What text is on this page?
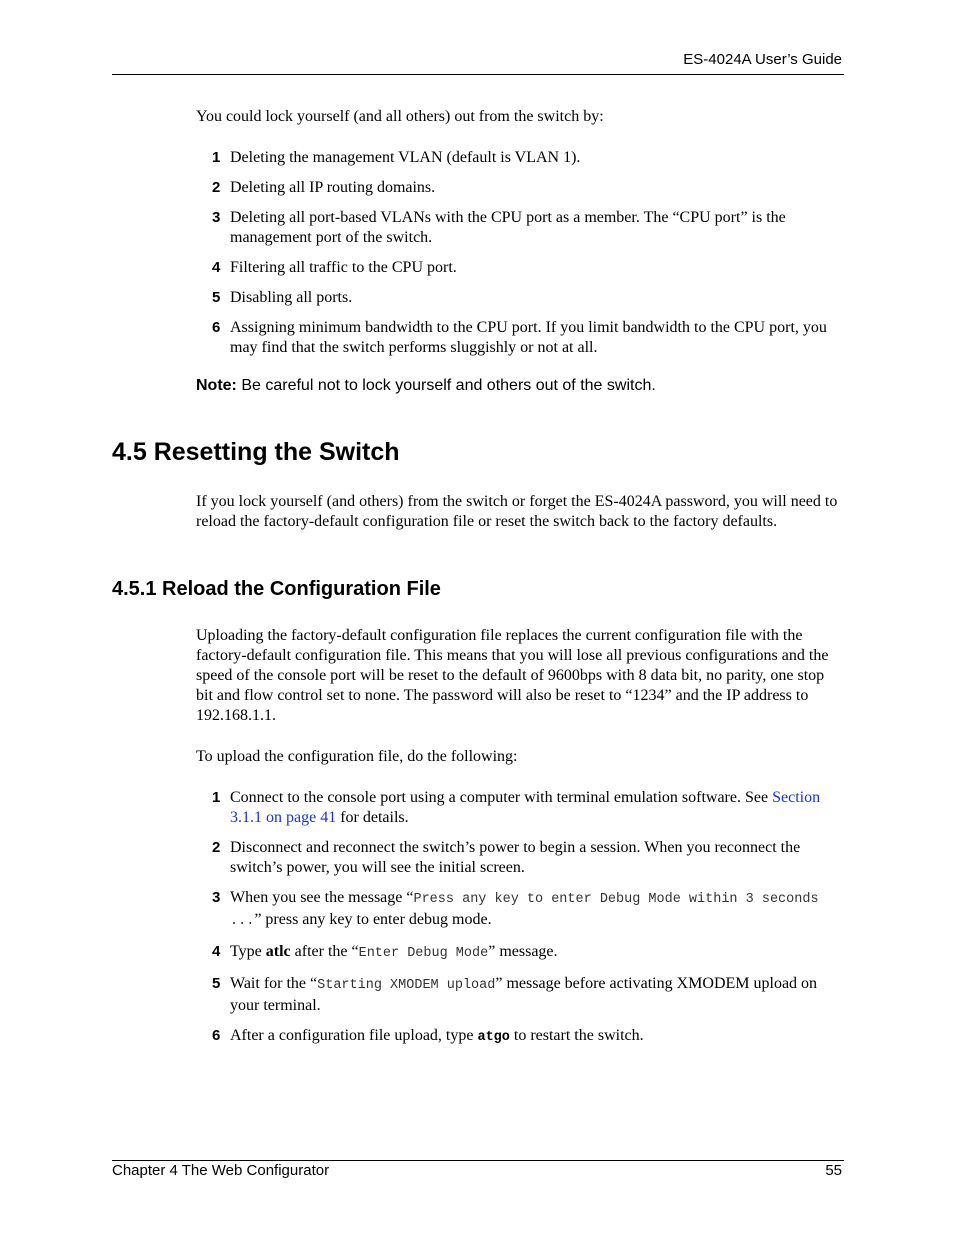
ES-4024A User’s Guide
You could lock yourself (and all others) out from the switch by:
1 Deleting the management VLAN (default is VLAN 1).
2 Deleting all IP routing domains.
3 Deleting all port-based VLANs with the CPU port as a member. The “CPU port” is the management port of the switch.
4 Filtering all traffic to the CPU port.
5 Disabling all ports.
6 Assigning minimum bandwidth to the CPU port. If you limit bandwidth to the CPU port, you may find that the switch performs sluggishly or not at all.
Note: Be careful not to lock yourself and others out of the switch.
4.5 Resetting the Switch
If you lock yourself (and others) from the switch or forget the ES-4024A password, you will need to reload the factory-default configuration file or reset the switch back to the factory defaults.
4.5.1 Reload the Configuration File
Uploading the factory-default configuration file replaces the current configuration file with the factory-default configuration file. This means that you will lose all previous configurations and the speed of the console port will be reset to the default of 9600bps with 8 data bit, no parity, one stop bit and flow control set to none. The password will also be reset to “1234” and the IP address to 192.168.1.1.
To upload the configuration file, do the following:
1 Connect to the console port using a computer with terminal emulation software. See Section 3.1.1 on page 41 for details.
2 Disconnect and reconnect the switch’s power to begin a session. When you reconnect the switch’s power, you will see the initial screen.
3 When you see the message “Press any key to enter Debug Mode within 3 seconds ...” press any key to enter debug mode.
4 Type atlc after the “Enter Debug Mode” message.
5 Wait for the “Starting XMODEM upload” message before activating XMODEM upload on your terminal.
6 After a configuration file upload, type atgo to restart the switch.
Chapter 4 The Web Configurator	55
